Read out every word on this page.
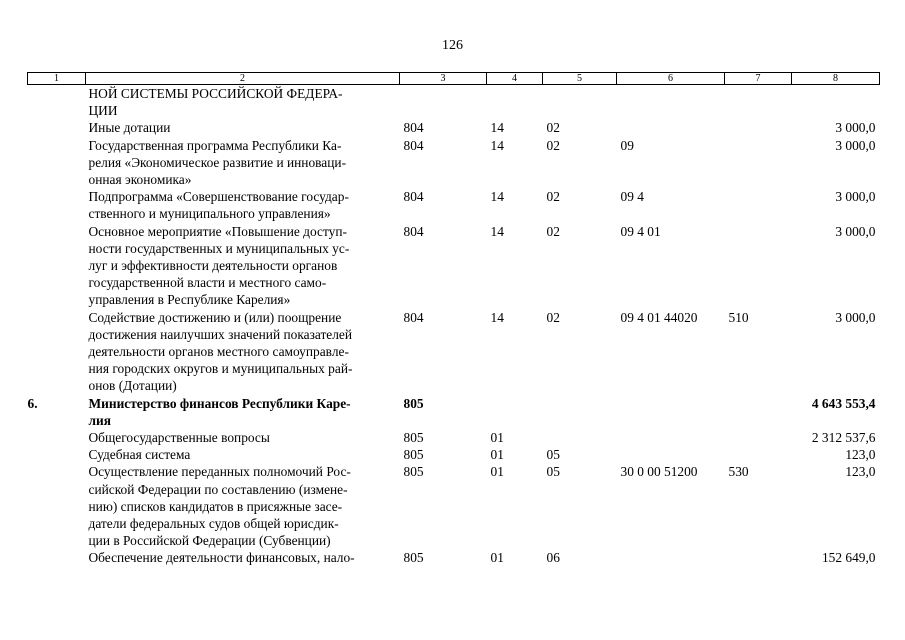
126
1	2	3	4	5	6	7	8
	НОЙ СИСТЕМЫ РОССИЙСКОЙ ФЕДЕРА-
ЦИИ						
	Иные дотации	804	14	02			3 000,0
	Государственная программа Республики Ка-
релия «Экономическое развитие и инноваци-
онная экономика»	804	14	02	09		3 000,0
	Подпрограмма «Совершенствование государ-
ственного и муниципального управления»	804	14	02	09 4		3 000,0
	Основное мероприятие «Повышение доступ-
ности государственных и муниципальных ус-
луг и эффективности деятельности органов
государственной власти и местного само-
управления в Республике Карелия»	804	14	02	09 4 01		3 000,0
	Содействие достижению и (или) поощрение
достижения наилучших значений показателей
деятельности органов местного самоуправле-
ния городских округов и муниципальных рай-
онов (Дотации)	804	14	02	09 4 01 44020	510	3 000,0
6.	Министерство финансов Республики Каре-
лия	805					4 643 553,4
	Общегосударственные вопросы	805	01				2 312 537,6
	Судебная система	805	01	05			123,0
	Осуществление переданных полномочий Рос-
сийской Федерации по составлению (измене-
нию) списков кандидатов в присяжные засе-
датели федеральных судов общей юрисдик-
ции в Российской Федерации (Субвенции)	805	01	05	30 0 00 51200	530	123,0
	Обеспечение деятельности финансовых, нало-	805	01	06			152 649,0
